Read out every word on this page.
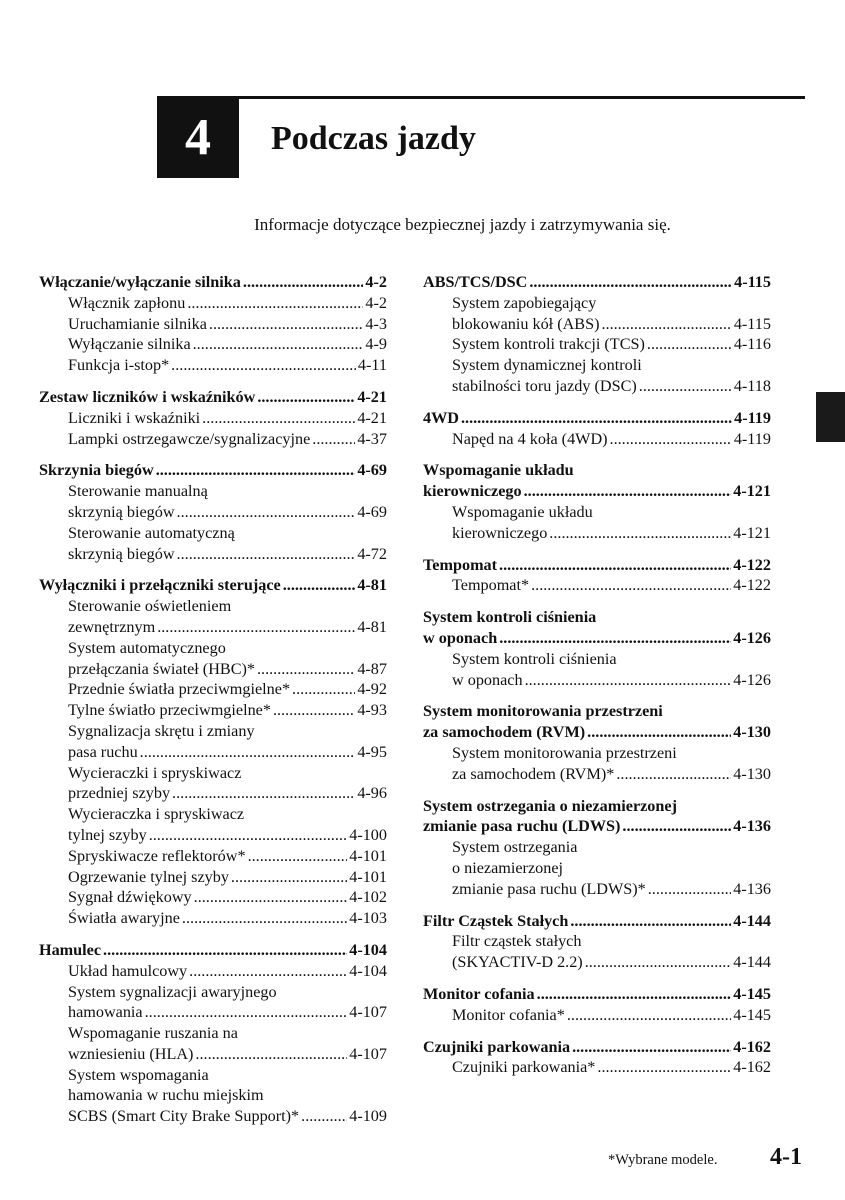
4 Podczas jazdy
Informacje dotyczące bezpiecznej jazdy i zatrzymywania się.
Włączanie/wyłączanie silnika .....	4-2
Włącznik zapłonu .....	4-2
Uruchamianie silnika .....	4-3
Wyłączanie silnika .....	4-9
Funkcja i-stop* .....	4-11
Zestaw liczników i wskaźników .....	4-21
Liczniki i wskaźniki .....	4-21
Lampki ostrzegawcze/sygnalizacyjne .....	4-37
Skrzynia biegów .....	4-69
Sterowanie manualną
skrzynią biegów .....	4-69
Sterowanie automatyczną
skrzynią biegów .....	4-72
Wyłączniki i przełączniki sterujące .....	4-81
Sterowanie oświetleniem
zewnętrznym .....	4-81
System automatycznego
przełączania świateł (HBC)* .....	4-87
Przednie światła przeciwmgielne* .....	4-92
Tylne światło przeciwmgielne* .....	4-93
Sygnalizacja skrętu i zmiany
pasa ruchu .....	4-95
Wycieraczki i spryskiwacz
przedniej szyby .....	4-96
Wycieraczka i spryskiwacz
tylnej szyby .....	4-100
Spryskiwacze reflektorów* .....	4-101
Ogrzewanie tylnej szyby .....	4-101
Sygnał dźwiękowy .....	4-102
Światła awaryjne .....	4-103
Hamulec .....	4-104
Układ hamulcowy .....	4-104
System sygnalizacji awaryjnego
hamowania .....	4-107
Wspomaganie ruszania na
wzniesieniu (HLA) .....	4-107
System wspomagania
hamowania w ruchu miejskim
SCBS (Smart City Brake Support)* .....	4-109
ABS/TCS/DSC .....	4-115
System zapobiegający
blokowaniu kół (ABS) .....	4-115
System kontroli trakcji (TCS) .....	4-116
System dynamicznej kontroli
stabilności toru jazdy (DSC) .....	4-118
4WD .....	4-119
Napęd na 4 koła (4WD) .....	4-119
Wspomaganie układu
kierowniczego .....	4-121
Wspomaganie układu
kierowniczego .....	4-121
Tempomat .....	4-122
Tempomat* .....	4-122
System kontroli ciśnienia
w oponach .....	4-126
System kontroli ciśnienia
w oponach .....	4-126
System monitorowania przestrzeni
za samochodem (RVM) .....	4-130
System monitorowania przestrzeni
za samochodem (RVM)* .....	4-130
System ostrzegania o niezamierzonej
zmianie pasa ruchu (LDWS) .....	4-136
System ostrzegania
o niezamierzonej
zmianie pasa ruchu (LDWS)* .....	4-136
Filtr Cząstek Stałych .....	4-144
Filtr cząstek stałych
(SKYACTIV-D 2.2) .....	4-144
Monitor cofania .....	4-145
Monitor cofania* .....	4-145
Czujniki parkowania .....	4-162
Czujniki parkowania* .....	4-162
*Wybrane modele. 4-1
